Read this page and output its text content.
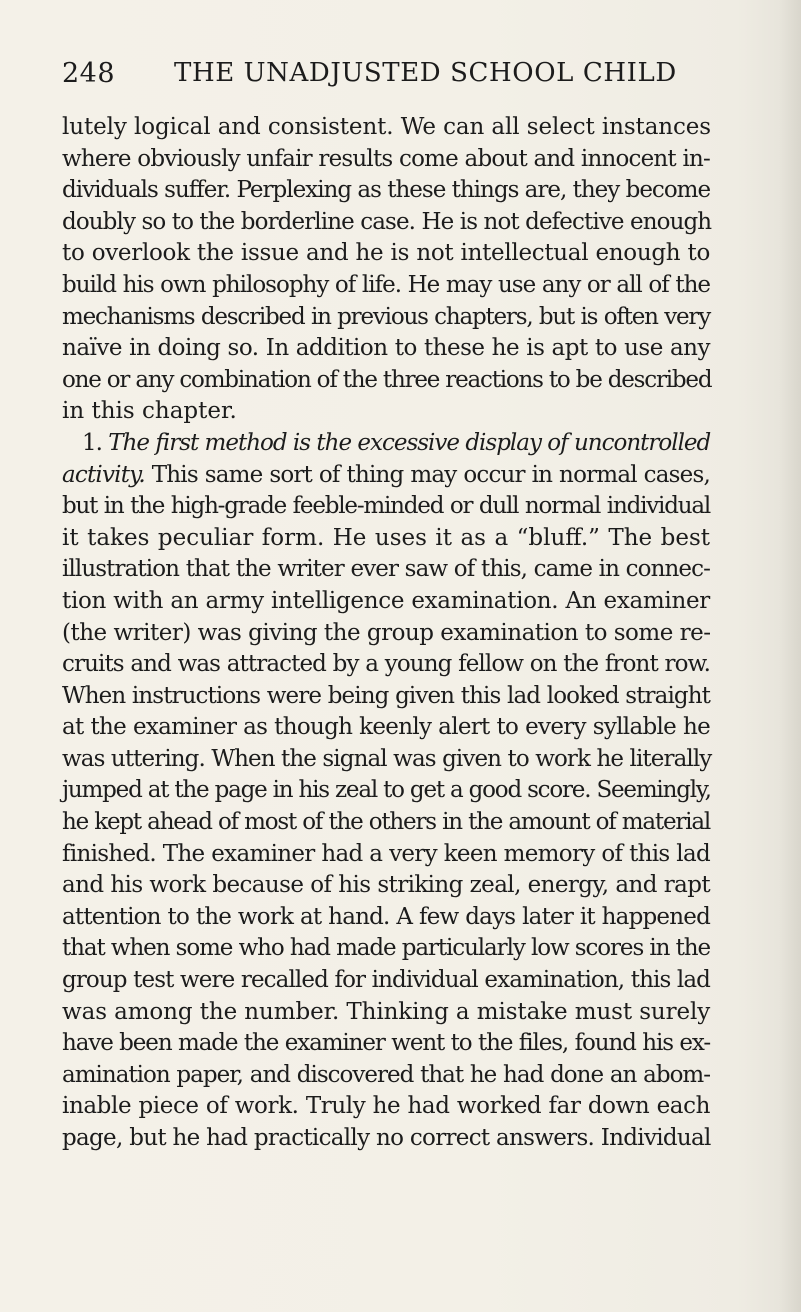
248 THE UNADJUSTED SCHOOL CHILD
lutely logical and consistent. We can all select instances
where obviously unfair results come about and innocent in-
dividuals suffer. Perplexing as these things are, they become
doubly so to the borderline case. He is not defective enough
to overlook the issue and he is not intellectual enough to
build his own philosophy of life. He may use any or all of the
mechanisms described in previous chapters, but is often very
naïve in doing so. In addition to these he is apt to use any
one or any combination of the three reactions to be described
in this chapter.
1. The first method is the excessive display of uncontrolled
activity. This same sort of thing may occur in normal cases,
but in the high-grade feeble-minded or dull normal individual
it takes peculiar form. He uses it as a “bluff.” The best
illustration that the writer ever saw of this, came in connec-
tion with an army intelligence examination. An examiner
(the writer) was giving the group examination to some re-
cruits and was attracted by a young fellow on the front row.
When instructions were being given this lad looked straight
at the examiner as though keenly alert to every syllable he
was uttering. When the signal was given to work he literally
jumped at the page in his zeal to get a good score. Seemingly,
he kept ahead of most of the others in the amount of material
finished. The examiner had a very keen memory of this lad
and his work because of his striking zeal, energy, and rapt
attention to the work at hand. A few days later it happened
that when some who had made particularly low scores in the
group test were recalled for individual examination, this lad
was among the number. Thinking a mistake must surely
have been made the examiner went to the files, found his ex-
amination paper, and discovered that he had done an abom-
inable piece of work. Truly he had worked far down each
page, but he had practically no correct answers. Individual
